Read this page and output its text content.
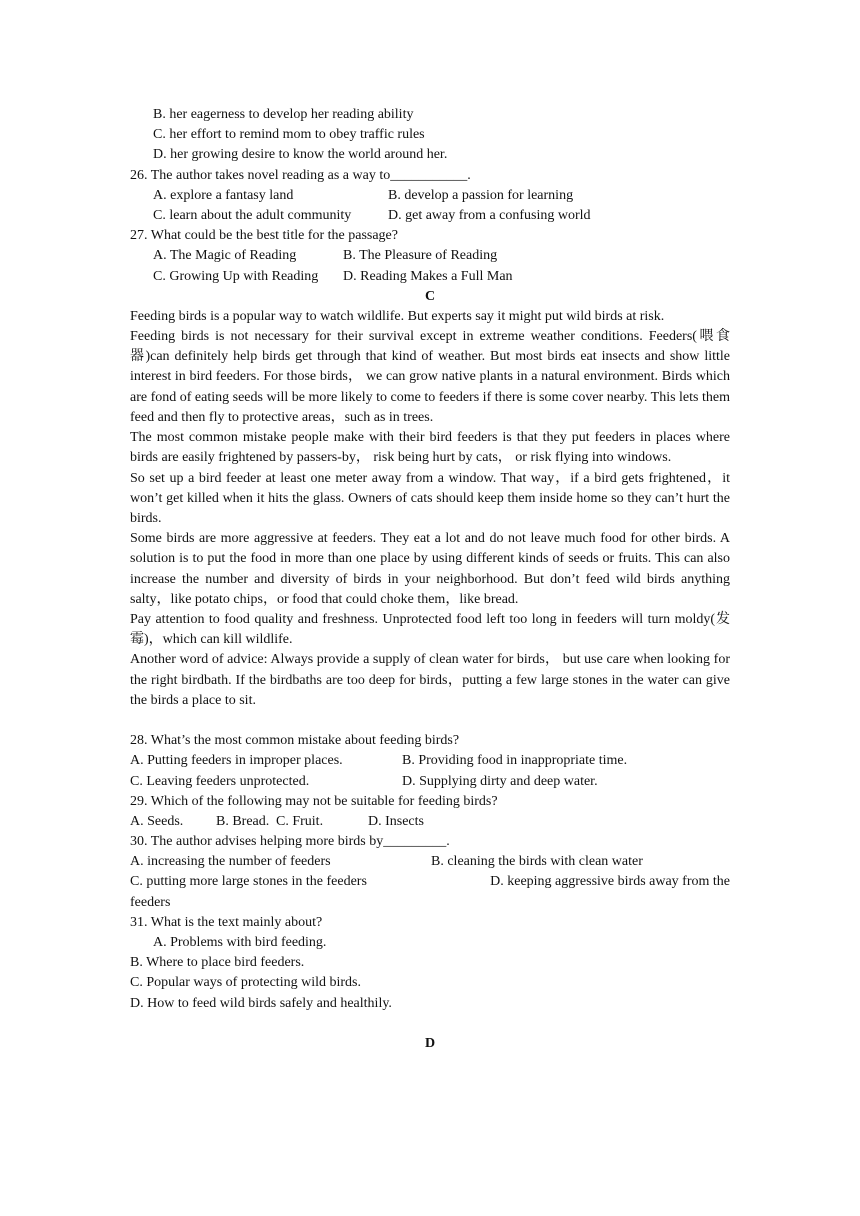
B. her eagerness to develop her reading ability
C. her effort to remind mom to obey traffic rules
D. her growing desire to know the world around her.
26. The author takes novel reading as a way to___________.
A. explore a fantasy land	B. develop a passion for learning
C. learn about the adult community	D. get away from a confusing world
27. What could be the best title for the passage?
A. The Magic of Reading	B. The Pleasure of Reading
C. Growing Up with Reading D. Reading Makes a Full Man
C
Feeding birds is a popular way to watch wildlife. But experts say it might put wild birds at risk.
Feeding birds is not necessary for their survival except in extreme weather conditions. Feeders(喂食器)can definitely help birds get through that kind of weather. But most birds eat insects and show little interest in bird feeders. For those birds， we can grow native plants in a natural environment. Birds which are fond of eating seeds will be more likely to come to feeders if there is some cover nearby. This lets them feed and then fly to protective areas，such as in trees.
The most common mistake people make with their bird feeders is that they put feeders in places where birds are easily frightened by passers-by， risk being hurt by cats， or risk flying into windows.
So set up a bird feeder at least one meter away from a window. That way，if a bird gets frightened，it won’t get killed when it hits the glass. Owners of cats should keep them inside home so they can’t hurt the birds.
Some birds are more aggressive at feeders. They eat a lot and do not leave much food for other birds. A solution is to put the food in more than one place by using different kinds of seeds or fruits. This can also increase the number and diversity of birds in your neighborhood. But don’t feed wild birds anything salty，like potato chips，or food that could choke them，like bread.
Pay attention to food quality and freshness. Unprotected food left too long in feeders will turn moldy(发霉)，which can kill wildlife.
Another word of advice: Always provide a supply of clean water for birds， but use care when looking for the right birdbath. If the birdbaths are too deep for birds，putting a few large stones in the water can give the birds a place to sit.
28. What’s the most common mistake about feeding birds?
A. Putting feeders in improper places.	B. Providing food in inappropriate time.
C. Leaving feeders unprotected.	D. Supplying dirty and deep water.
29. Which of the following may not be suitable for feeding birds?
A. Seeds. B. Bread. C. Fruit.	D. Insects
30. The author advises helping more birds by_________.
A. increasing the number of feeders	B. cleaning the birds with clean water
C. putting more large stones in the feeders	D. keeping aggressive birds away from the
feeders
31. What is the text mainly about?
A. Problems with bird feeding.
B. Where to place bird feeders.
C. Popular ways of protecting wild birds.
D. How to feed wild birds safely and healthily.
D
